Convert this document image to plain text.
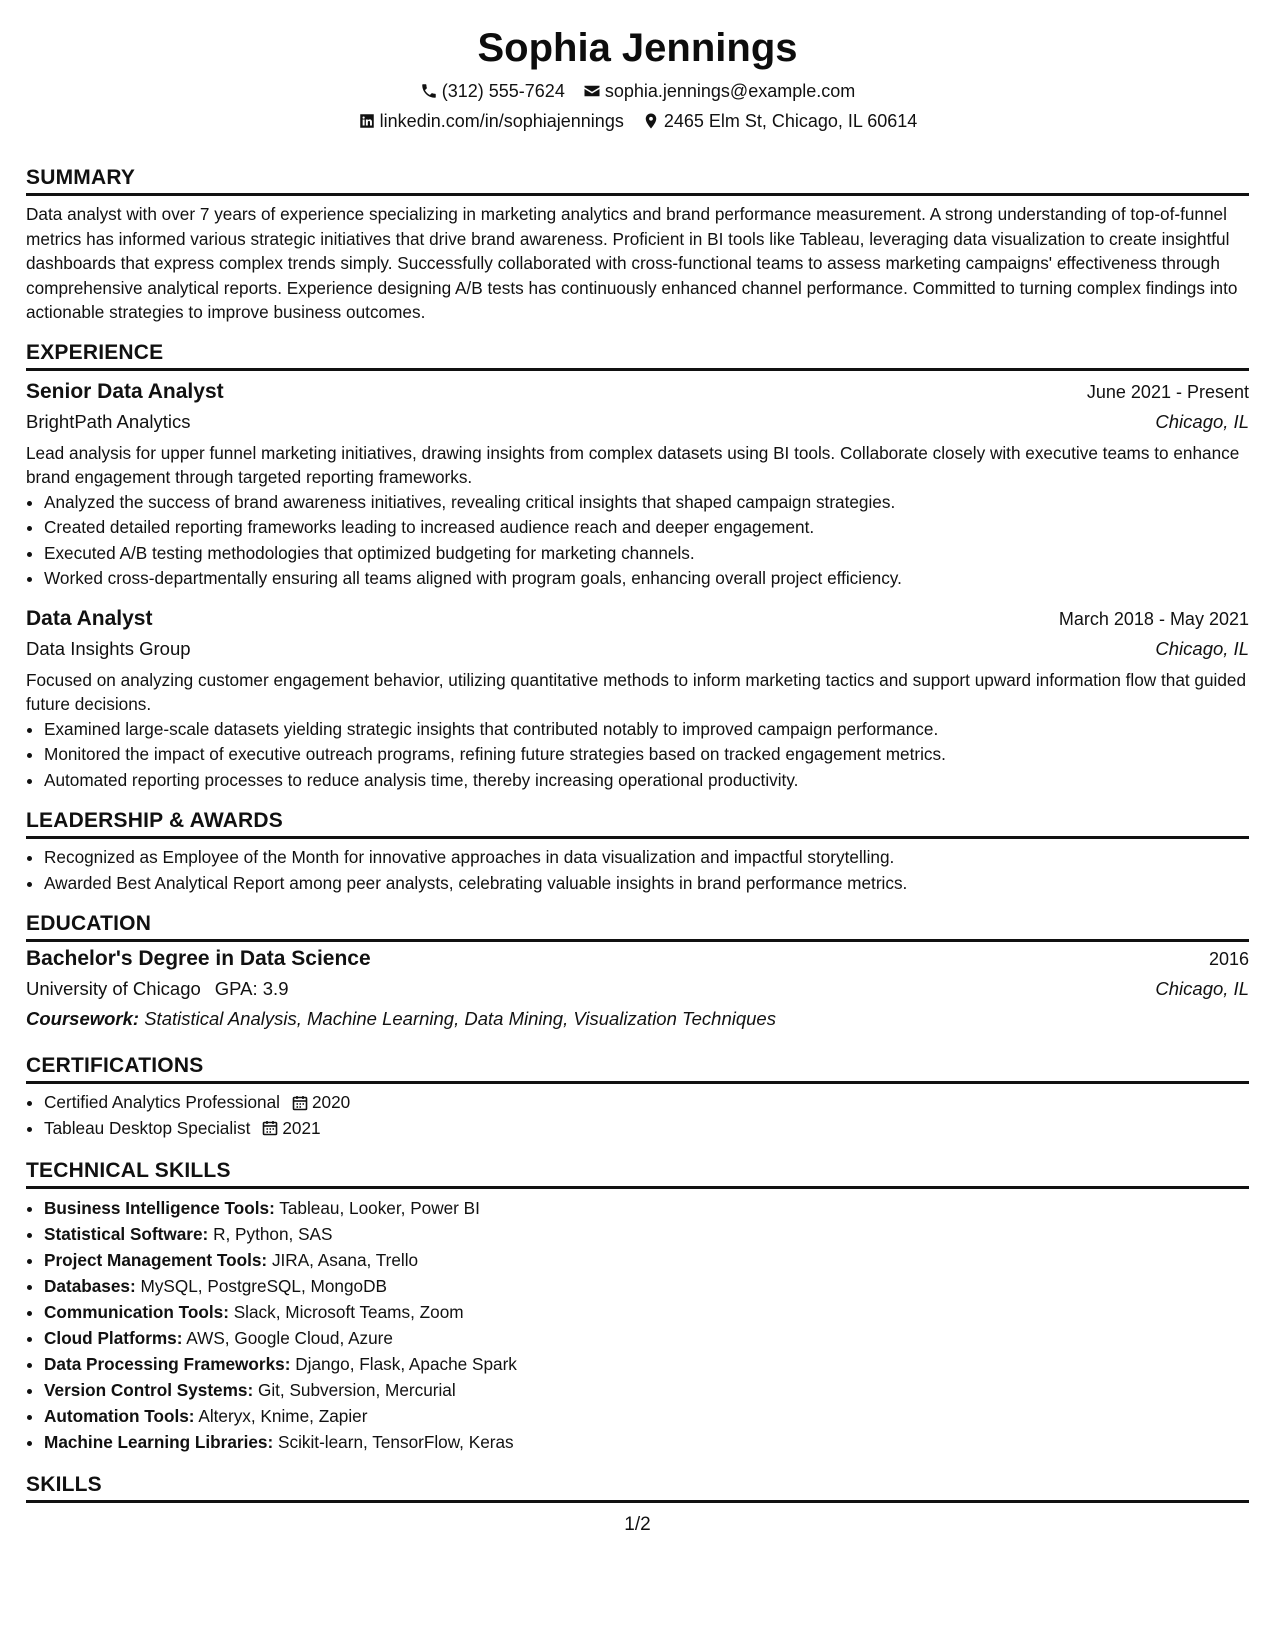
Sophia Jennings
(312) 555-7624 sophia.jennings@example.com
linkedin.com/in/sophiajennings 2465 Elm St, Chicago, IL 60614
SUMMARY

Data analyst with over 7 years of experience specializing in marketing analytics and brand performance measurement. A strong understanding of top-of-funnel metrics has informed various strategic initiatives that drive brand awareness. Proficient in BI tools like Tableau, leveraging data visualization to create insightful dashboards that express complex trends simply. Successfully collaborated with cross-functional teams to assess marketing campaigns' effectiveness through comprehensive analytical reports. Experience designing A/B tests has continuously enhanced channel performance. Committed to turning complex findings into actionable strategies to improve business outcomes.

EXPERIENCE
Senior Data Analyst	June 2021 - Present
BrightPath Analytics	Chicago, IL

Lead analysis for upper funnel marketing initiatives, drawing insights from complex datasets using BI tools. Collaborate closely with executive teams to enhance brand engagement through targeted reporting frameworks.

• Analyzed the success of brand awareness initiatives, revealing critical insights that shaped campaign strategies.
• Created detailed reporting frameworks leading to increased audience reach and deeper engagement.
• Executed A/B testing methodologies that optimized budgeting for marketing channels.
• Worked cross-departmentally ensuring all teams aligned with program goals, enhancing overall project efficiency.
Data Analyst	March 2018 - May 2021
Data Insights Group	Chicago, IL

Focused on analyzing customer engagement behavior, utilizing quantitative methods to inform marketing tactics and support upward information flow that guided future decisions.

• Examined large-scale datasets yielding strategic insights that contributed notably to improved campaign performance.
• Monitored the impact of executive outreach programs, refining future strategies based on tracked engagement metrics.
• Automated reporting processes to reduce analysis time, thereby increasing operational productivity.
LEADERSHIP & AWARDS
• Recognized as Employee of the Month for innovative approaches in data visualization and impactful storytelling.
• Awarded Best Analytical Report among peer analysts, celebrating valuable insights in brand performance metrics.
EDUCATION
Bachelor's Degree in Data Science	2016
University of Chicago GPA: 3.9	Chicago, IL
Coursework: Statistical Analysis, Machine Learning, Data Mining, Visualization Techniques
CERTIFICATIONS
• Certified Analytics Professional 2020
• Tableau Desktop Specialist 2021
TECHNICAL SKILLS
• Business Intelligence Tools: Tableau, Looker, Power BI
• Statistical Software: R, Python, SAS
• Project Management Tools: JIRA, Asana, Trello
• Databases: MySQL, PostgreSQL, MongoDB
• Communication Tools: Slack, Microsoft Teams, Zoom
• Cloud Platforms: AWS, Google Cloud, Azure
• Data Processing Frameworks: Django, Flask, Apache Spark
• Version Control Systems: Git, Subversion, Mercurial
• Automation Tools: Alteryx, Knime, Zapier
• Machine Learning Libraries: Scikit-learn, TensorFlow, Keras
SKILLS
1/2
